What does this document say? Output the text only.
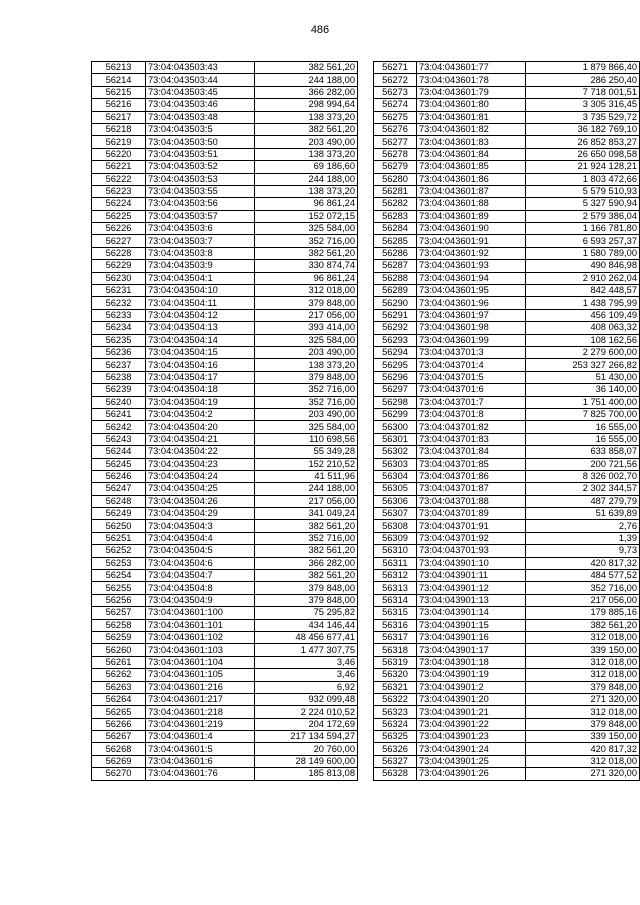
486
56213	73:04:043503:43	382 561,20
56214	73:04:043503:44	244 188,00
56215	73:04:043503:45	366 282,00
56216	73:04:043503:46	298 994,64
56217	73:04:043503:48	138 373,20
56218	73:04:043503:5	382 561,20
56219	73:04:043503:50	203 490,00
56220	73:04:043503:51	138 373,20
56221	73:04:043503:52	69 186,60
56222	73:04:043503:53	244 188,00
56223	73:04:043503:55	138 373,20
56224	73:04:043503:56	96 861,24
56225	73:04:043503:57	152 072,15
56226	73:04:043503:6	325 584,00
56227	73:04:043503:7	352 716,00
56228	73:04:043503:8	382 561,20
56229	73:04:043503:9	330 874,74
56230	73:04:043504:1	96 861,24
56231	73:04:043504:10	312 018,00
56232	73:04:043504:11	379 848,00
56233	73:04:043504:12	217 056,00
56234	73:04:043504:13	393 414,00
56235	73:04:043504:14	325 584,00
56236	73:04:043504:15	203 490,00
56237	73:04:043504:16	138 373,20
56238	73:04:043504:17	379 848,00
56239	73:04:043504:18	352 716,00
56240	73:04:043504:19	352 716,00
56241	73:04:043504:2	203 490,00
56242	73:04:043504:20	325 584,00
56243	73:04:043504:21	110 698,56
56244	73:04:043504:22	55 349,28
56245	73:04:043504:23	152 210,52
56246	73:04:043504:24	41 511,96
56247	73:04:043504:25	244 188,00
56248	73:04:043504:26	217 056,00
56249	73:04:043504:29	341 049,24
56250	73:04:043504:3	382 561,20
56251	73:04:043504:4	352 716,00
56252	73:04:043504:5	382 561,20
56253	73:04:043504:6	366 282,00
56254	73:04:043504:7	382 561,20
56255	73:04:043504:8	379 848,00
56256	73:04:043504:9	379 848,00
56257	73:04:043601:100	75 295,82
56258	73:04:043601:101	434 146,44
56259	73:04:043601:102	48 456 677,41
56260	73:04:043601:103	1 477 307,75
56261	73:04:043601:104	3,46
56262	73:04:043601:105	3,46
56263	73:04:043601:216	6,92
56264	73:04:043601:217	932 099,48
56265	73:04:043601:218	2 224 010,52
56266	73:04:043601:219	204 172,69
56267	73:04:043601:4	217 134 594,27
56268	73:04:043601:5	20 760,00
56269	73:04:043601:6	28 149 600,00
56270	73:04:043601:76	185 813,08
56271	73:04:043601:77	1 879 866,40
56272	73:04:043601:78	286 250,40
56273	73:04:043601:79	7 718 001,51
56274	73:04:043601:80	3 305 316,45
56275	73:04:043601:81	3 735 529,72
56276	73:04:043601:82	36 182 769,10
56277	73:04:043601:83	26 852 853,27
56278	73:04:043601:84	26 650 098,58
56279	73:04:043601:85	21 924 128,21
56280	73:04:043601:86	1 803 472,66
56281	73:04:043601:87	5 579 510,93
56282	73:04:043601:88	5 327 590,94
56283	73:04:043601:89	2 579 386,04
56284	73:04:043601:90	1 166 781,80
56285	73:04:043601:91	6 593 257,37
56286	73:04:043601:92	1 580 789,00
56287	73:04:043601:93	490 846,98
56288	73:04:043601:94	2 910 262,04
56289	73:04:043601:95	842 448,57
56290	73:04:043601:96	1 438 795,99
56291	73:04:043601:97	456 109,49
56292	73:04:043601:98	408 063,32
56293	73:04:043601:99	108 162,56
56294	73:04:043701:3	2 279 600,00
56295	73:04:043701:4	253 327 266,82
56296	73:04:043701:5	51 430,00
56297	73:04:043701:6	36 140,00
56298	73:04:043701:7	1 751 400,00
56299	73:04:043701:8	7 825 700,00
56300	73:04:043701:82	16 555,00
56301	73:04:043701:83	16 555,00
56302	73:04:043701:84	633 858,07
56303	73:04:043701:85	200 721,56
56304	73:04:043701:86	8 326 002,70
56305	73:04:043701:87	2 302 344,57
56306	73:04:043701:88	487 279,79
56307	73:04:043701:89	51 639,89
56308	73:04:043701:91	2,76
56309	73:04:043701:92	1,39
56310	73:04:043701:93	9,73
56311	73:04:043901:10	420 817,32
56312	73:04:043901:11	484 577,52
56313	73:04:043901:12	352 716,00
56314	73:04:043901:13	217 056,00
56315	73:04:043901:14	179 885,16
56316	73:04:043901:15	382 561,20
56317	73:04:043901:16	312 018,00
56318	73:04:043901:17	339 150,00
56319	73:04:043901:18	312 018,00
56320	73:04:043901:19	312 018,00
56321	73:04:043901:2	379 848,00
56322	73:04:043901:20	271 320,00
56323	73:04:043901:21	312 018,00
56324	73:04:043901:22	379 848,00
56325	73:04:043901:23	339 150,00
56326	73:04:043901:24	420 817,32
56327	73:04:043901:25	312 018,00
56328	73:04:043901:26	271 320,00
